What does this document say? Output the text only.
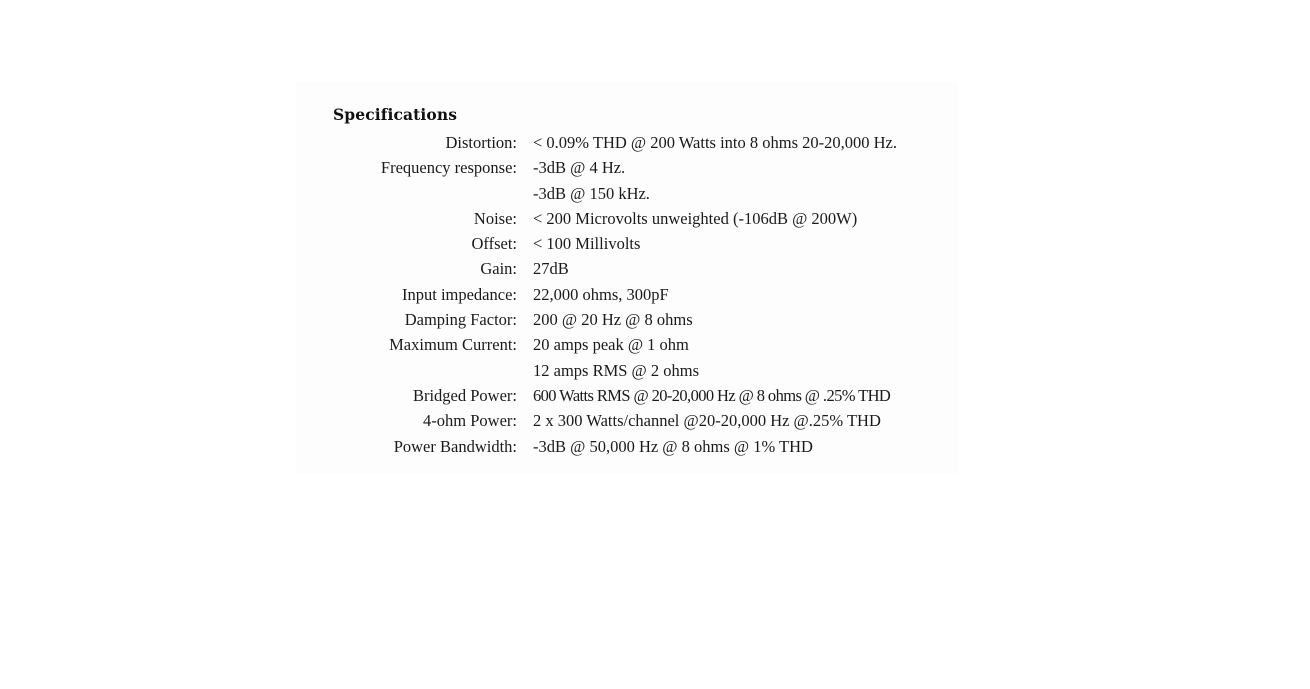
Specifications
Distortion: < 0.09% THD @ 200 Watts into 8 ohms 20-20,000 Hz.
Frequency response: -3dB @ 4 Hz.
-3dB @ 150 kHz.
Noise: < 200 Microvolts unweighted (-106dB @ 200W)
Offset: < 100 Millivolts
Gain: 27dB
Input impedance: 22,000 ohms, 300pF
Damping Factor: 200 @ 20 Hz @ 8 ohms
Maximum Current: 20 amps peak @ 1 ohm
12 amps RMS @ 2 ohms
Bridged Power: 600 Watts RMS @ 20-20,000 Hz @ 8 ohms @ .25% THD
4-ohm Power: 2 x 300 Watts/channel @20-20,000 Hz @.25% THD
Power Bandwidth: -3dB @ 50,000 Hz @ 8 ohms @ 1% THD
